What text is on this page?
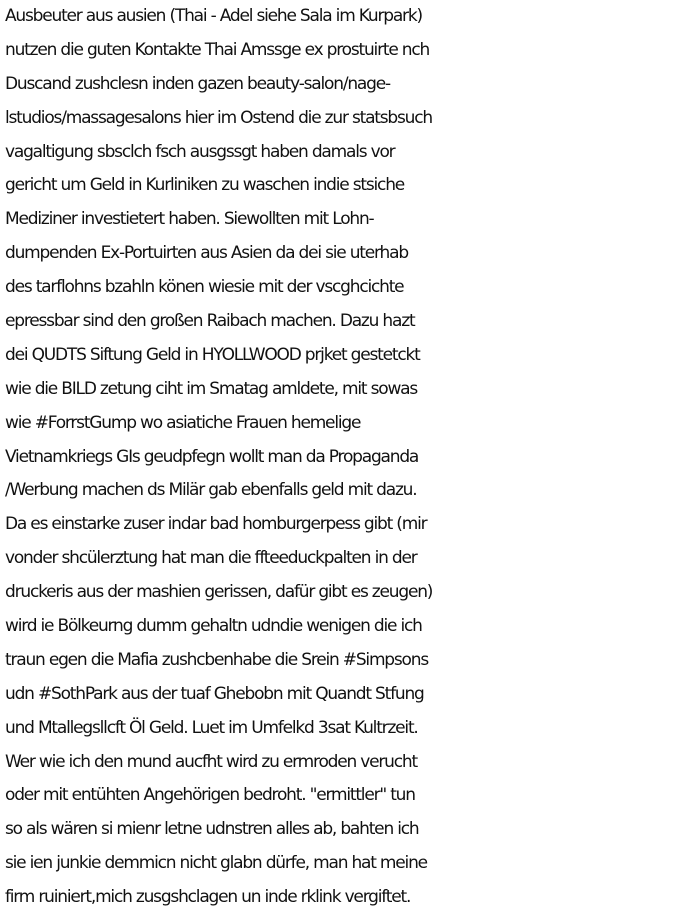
Ausbeuter aus ausien (Thai - Adel siehe Sala im Kurpark)
nutzen die guten Kontakte Thai Amssge ex prostuirte nch
Duscand zushclesn inden gazen beauty-salon/nage-
lstudios/massagesalons hier im Ostend die zur statsbsuch
vagaltigung sbsclch fsch ausgssgt haben damals vor
gericht um Geld in Kurliniken zu waschen indie stsiche
Mediziner investietert haben. Siewollten mit Lohn-
dumpenden Ex-Portuirten aus Asien da dei sie uterhab
des tarflohns bzahln könen wiesie mit der vscghcichte
epressbar sind den großen Raibach machen. Dazu hazt
dei QUDTS Siftung Geld in HYOLLWOOD prjket gestetckt
wie die BILD zetung ciht im Smatag amldete, mit sowas
wie #ForrstGump wo asiatiche Frauen hemelige
Vietnamkriegs GIs geudpfegn wollt man da Propaganda
/Werbung machen ds Milär gab ebenfalls geld mit dazu.
Da es einstarke zuser indar bad homburgerpess gibt (mir
vonder shcülerztung hat man die ffteeduckpalten in der
druckeris aus der mashien gerissen, dafür gibt es zeugen)
wird ie Bölkeurng dumm gehaltn udndie wenigen die ich
traun egen die Mafia zushcbenhabe die Srein #Simpsons
udn #SothPark aus der tuaf Ghebobn mit Quandt Stfung
und Mtallegsllcft Öl Geld. Luet im Umfelkd 3sat Kultrzeit.
Wer wie ich den mund aucfht wird zu ermroden verucht
oder mit entühten Angehörigen bedroht. "ermittler" tun
so als wären si mienr letne udnstren alles ab, bahten ich
sie ien junkie demmicn nicht glabn dürfe, man hat meine
firm ruiniert,mich zusgshclagen un inde rklink vergiftet.
